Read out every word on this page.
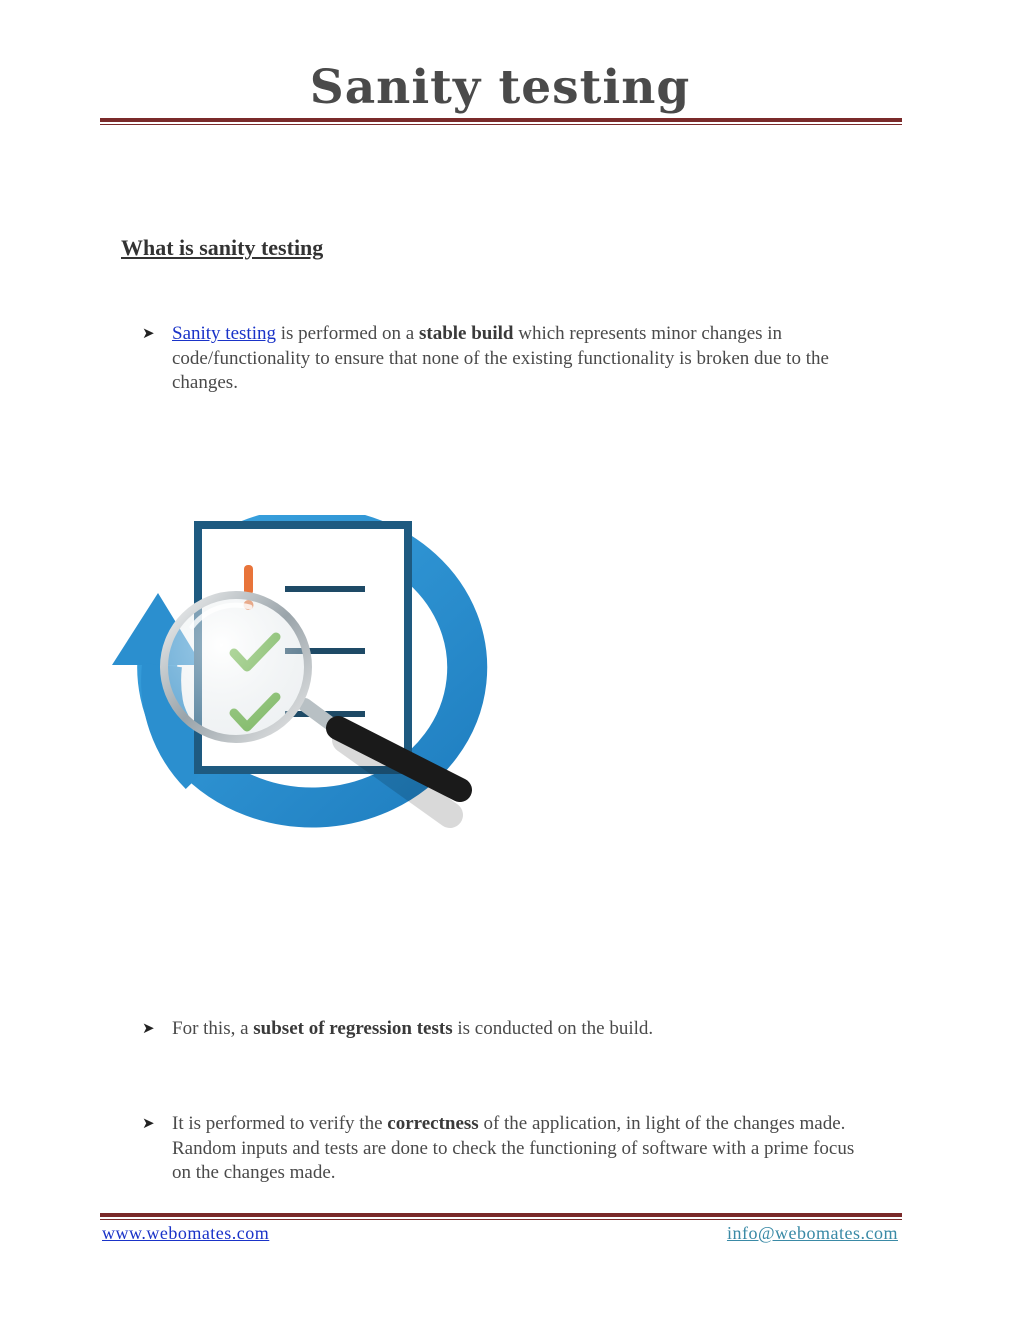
Sanity testing
What is sanity testing
➤ Sanity testing is performed on a stable build which represents minor changes in code/functionality to ensure that none of the existing functionality is broken due to the changes.
➤ For this, a subset of regression tests is conducted on the build.
➤ It is performed to verify the correctness of the application, in light of the changes made. Random inputs and tests are done to check the functioning of software with a prime focus on the changes made.
www.webomates.com	info@webomates.com
